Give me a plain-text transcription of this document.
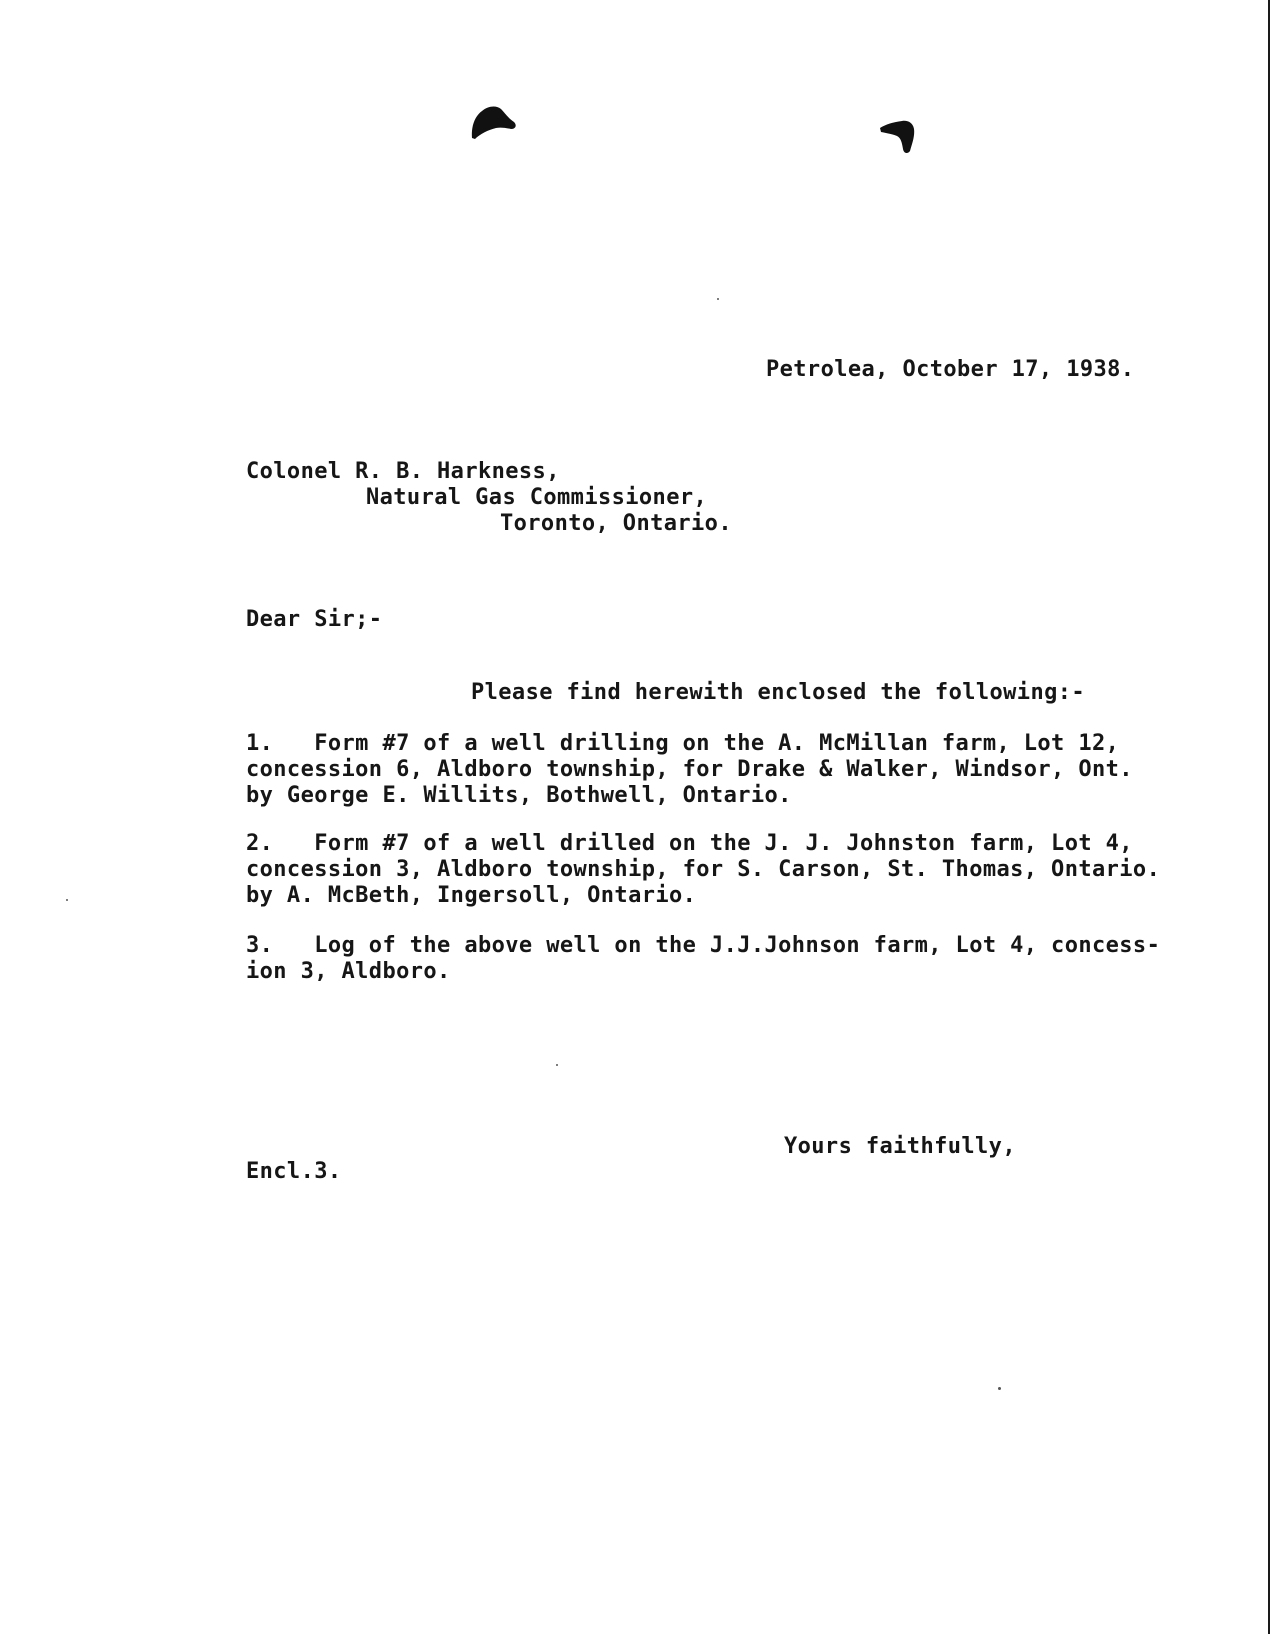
Petrolea, October 17, 1938.
Colonel R. B. Harkness,
Natural Gas Commissioner,
Toronto, Ontario.
Dear Sir;-
Please find herewith enclosed the following:-
1.   Form #7 of a well drilling on the A. McMillan farm, Lot 12,
concession 6, Aldboro township, for Drake & Walker, Windsor, Ont.
by George E. Willits, Bothwell, Ontario.
2.   Form #7 of a well drilled on the J. J. Johnston farm, Lot 4,
concession 3, Aldboro township, for S. Carson, St. Thomas, Ontario.
by A. McBeth, Ingersoll, Ontario.
3.   Log of the above well on the J.J.Johnson farm, Lot 4, concess-
ion 3, Aldboro.
Yours faithfully,
Encl.3.
